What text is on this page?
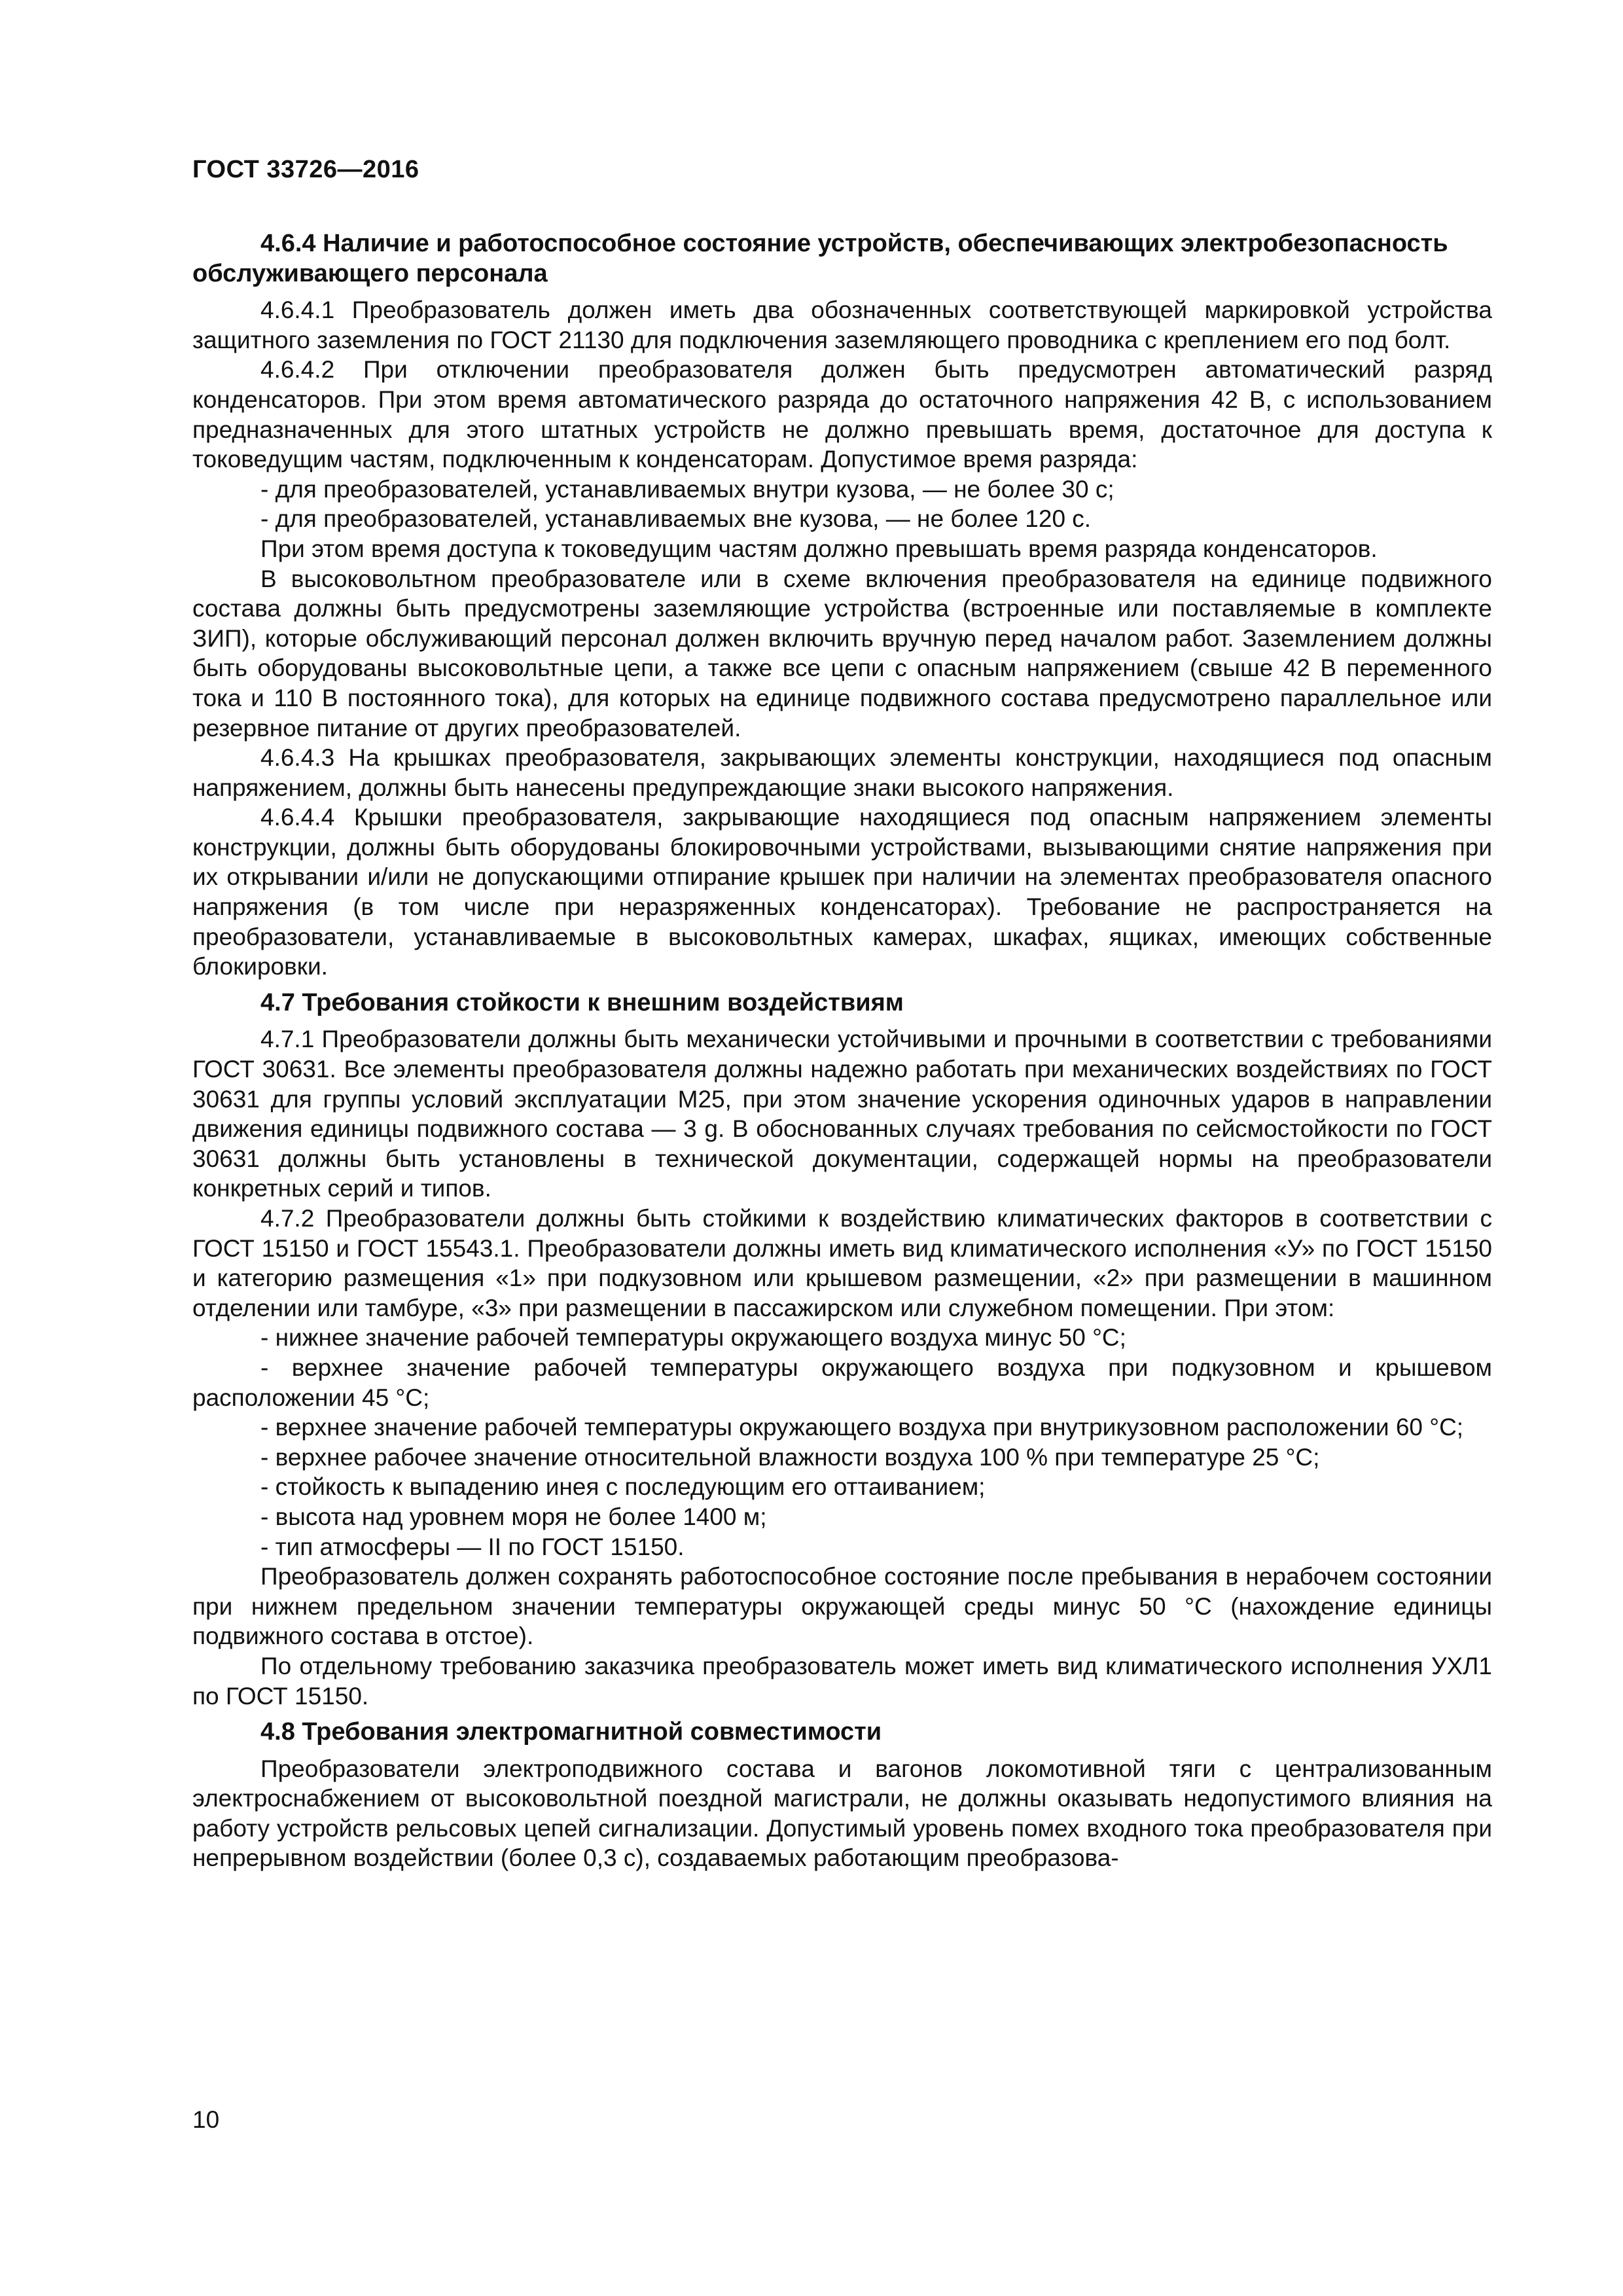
ГОСТ 33726—2016
4.6.4 Наличие и работоспособное состояние устройств, обеспечивающих электробезопасность обслуживающего персонала

4.6.4.1 Преобразователь должен иметь два обозначенных соответствующей маркировкой устройства защитного заземления по ГОСТ 21130 для подключения заземляющего проводника с креплением его под болт.

4.6.4.2 При отключении преобразователя должен быть предусмотрен автоматический разряд конденсаторов. При этом время автоматического разряда до остаточного напряжения 42 В, с использованием предназначенных для этого штатных устройств не должно превышать время, достаточное для доступа к токоведущим частям, подключенным к конденсаторам. Допустимое время разряда:

- для преобразователей, устанавливаемых внутри кузова, — не более 30 с;
- для преобразователей, устанавливаемых вне кузова, — не более 120 с.

При этом время доступа к токоведущим частям должно превышать время разряда конденсаторов.

В высоковольтном преобразователе или в схеме включения преобразователя на единице подвижного состава должны быть предусмотрены заземляющие устройства (встроенные или поставляемые в комплекте ЗИП), которые обслуживающий персонал должен включить вручную перед началом работ. Заземлением должны быть оборудованы высоковольтные цепи, а также все цепи с опасным напряжением (свыше 42 В переменного тока и 110 В постоянного тока), для которых на единице подвижного состава предусмотрено параллельное или резервное питание от других преобразователей.

4.6.4.3 На крышках преобразователя, закрывающих элементы конструкции, находящиеся под опасным напряжением, должны быть нанесены предупреждающие знаки высокого напряжения.

4.6.4.4 Крышки преобразователя, закрывающие находящиеся под опасным напряжением элементы конструкции, должны быть оборудованы блокировочными устройствами, вызывающими снятие напряжения при их открывании и/или не допускающими отпирание крышек при наличии на элементах преобразователя опасного напряжения (в том числе при неразряженных конденсаторах). Требование не распространяется на преобразователи, устанавливаемые в высоковольтных камерах, шкафах, ящиках, имеющих собственные блокировки.

4.7 Требования стойкости к внешним воздействиям

4.7.1 Преобразователи должны быть механически устойчивыми и прочными в соответствии с требованиями ГОСТ 30631. Все элементы преобразователя должны надежно работать при механических воздействиях по ГОСТ 30631 для группы условий эксплуатации М25, при этом значение ускорения одиночных ударов в направлении движения единицы подвижного состава — 3 g. В обоснованных случаях требования по сейсмостойкости по ГОСТ 30631 должны быть установлены в технической документации, содержащей нормы на преобразователи конкретных серий и типов.

4.7.2 Преобразователи должны быть стойкими к воздействию климатических факторов в соответствии с ГОСТ 15150 и ГОСТ 15543.1. Преобразователи должны иметь вид климатического исполнения «У» по ГОСТ 15150 и категорию размещения «1» при подкузовном или крышевом размещении, «2» при размещении в машинном отделении или тамбуре, «3» при размещении в пассажирском или служебном помещении. При этом:

- нижнее значение рабочей температуры окружающего воздуха минус 50 °С;
- верхнее значение рабочей температуры окружающего воздуха при подкузовном и крышевом расположении 45 °С;
- верхнее значение рабочей температуры окружающего воздуха при внутрикузовном расположении 60 °С;
- верхнее рабочее значение относительной влажности воздуха 100 % при температуре 25 °С;
- стойкость к выпадению инея с последующим его оттаиванием;
- высота над уровнем моря не более 1400 м;
- тип атмосферы — II по ГОСТ 15150.

Преобразователь должен сохранять работоспособное состояние после пребывания в нерабочем состоянии при нижнем предельном значении температуры окружающей среды минус 50 °С (нахождение единицы подвижного состава в отстое).

По отдельному требованию заказчика преобразователь может иметь вид климатического исполнения УХЛ1 по ГОСТ 15150.

4.8 Требования электромагнитной совместимости

Преобразователи электроподвижного состава и вагонов локомотивной тяги с централизованным электроснабжением от высоковольтной поездной магистрали, не должны оказывать недопустимого влияния на работу устройств рельсовых цепей сигнализации. Допустимый уровень помех входного тока преобразователя при непрерывном воздействии (более 0,3 с), создаваемых работающим преобразова-

10
